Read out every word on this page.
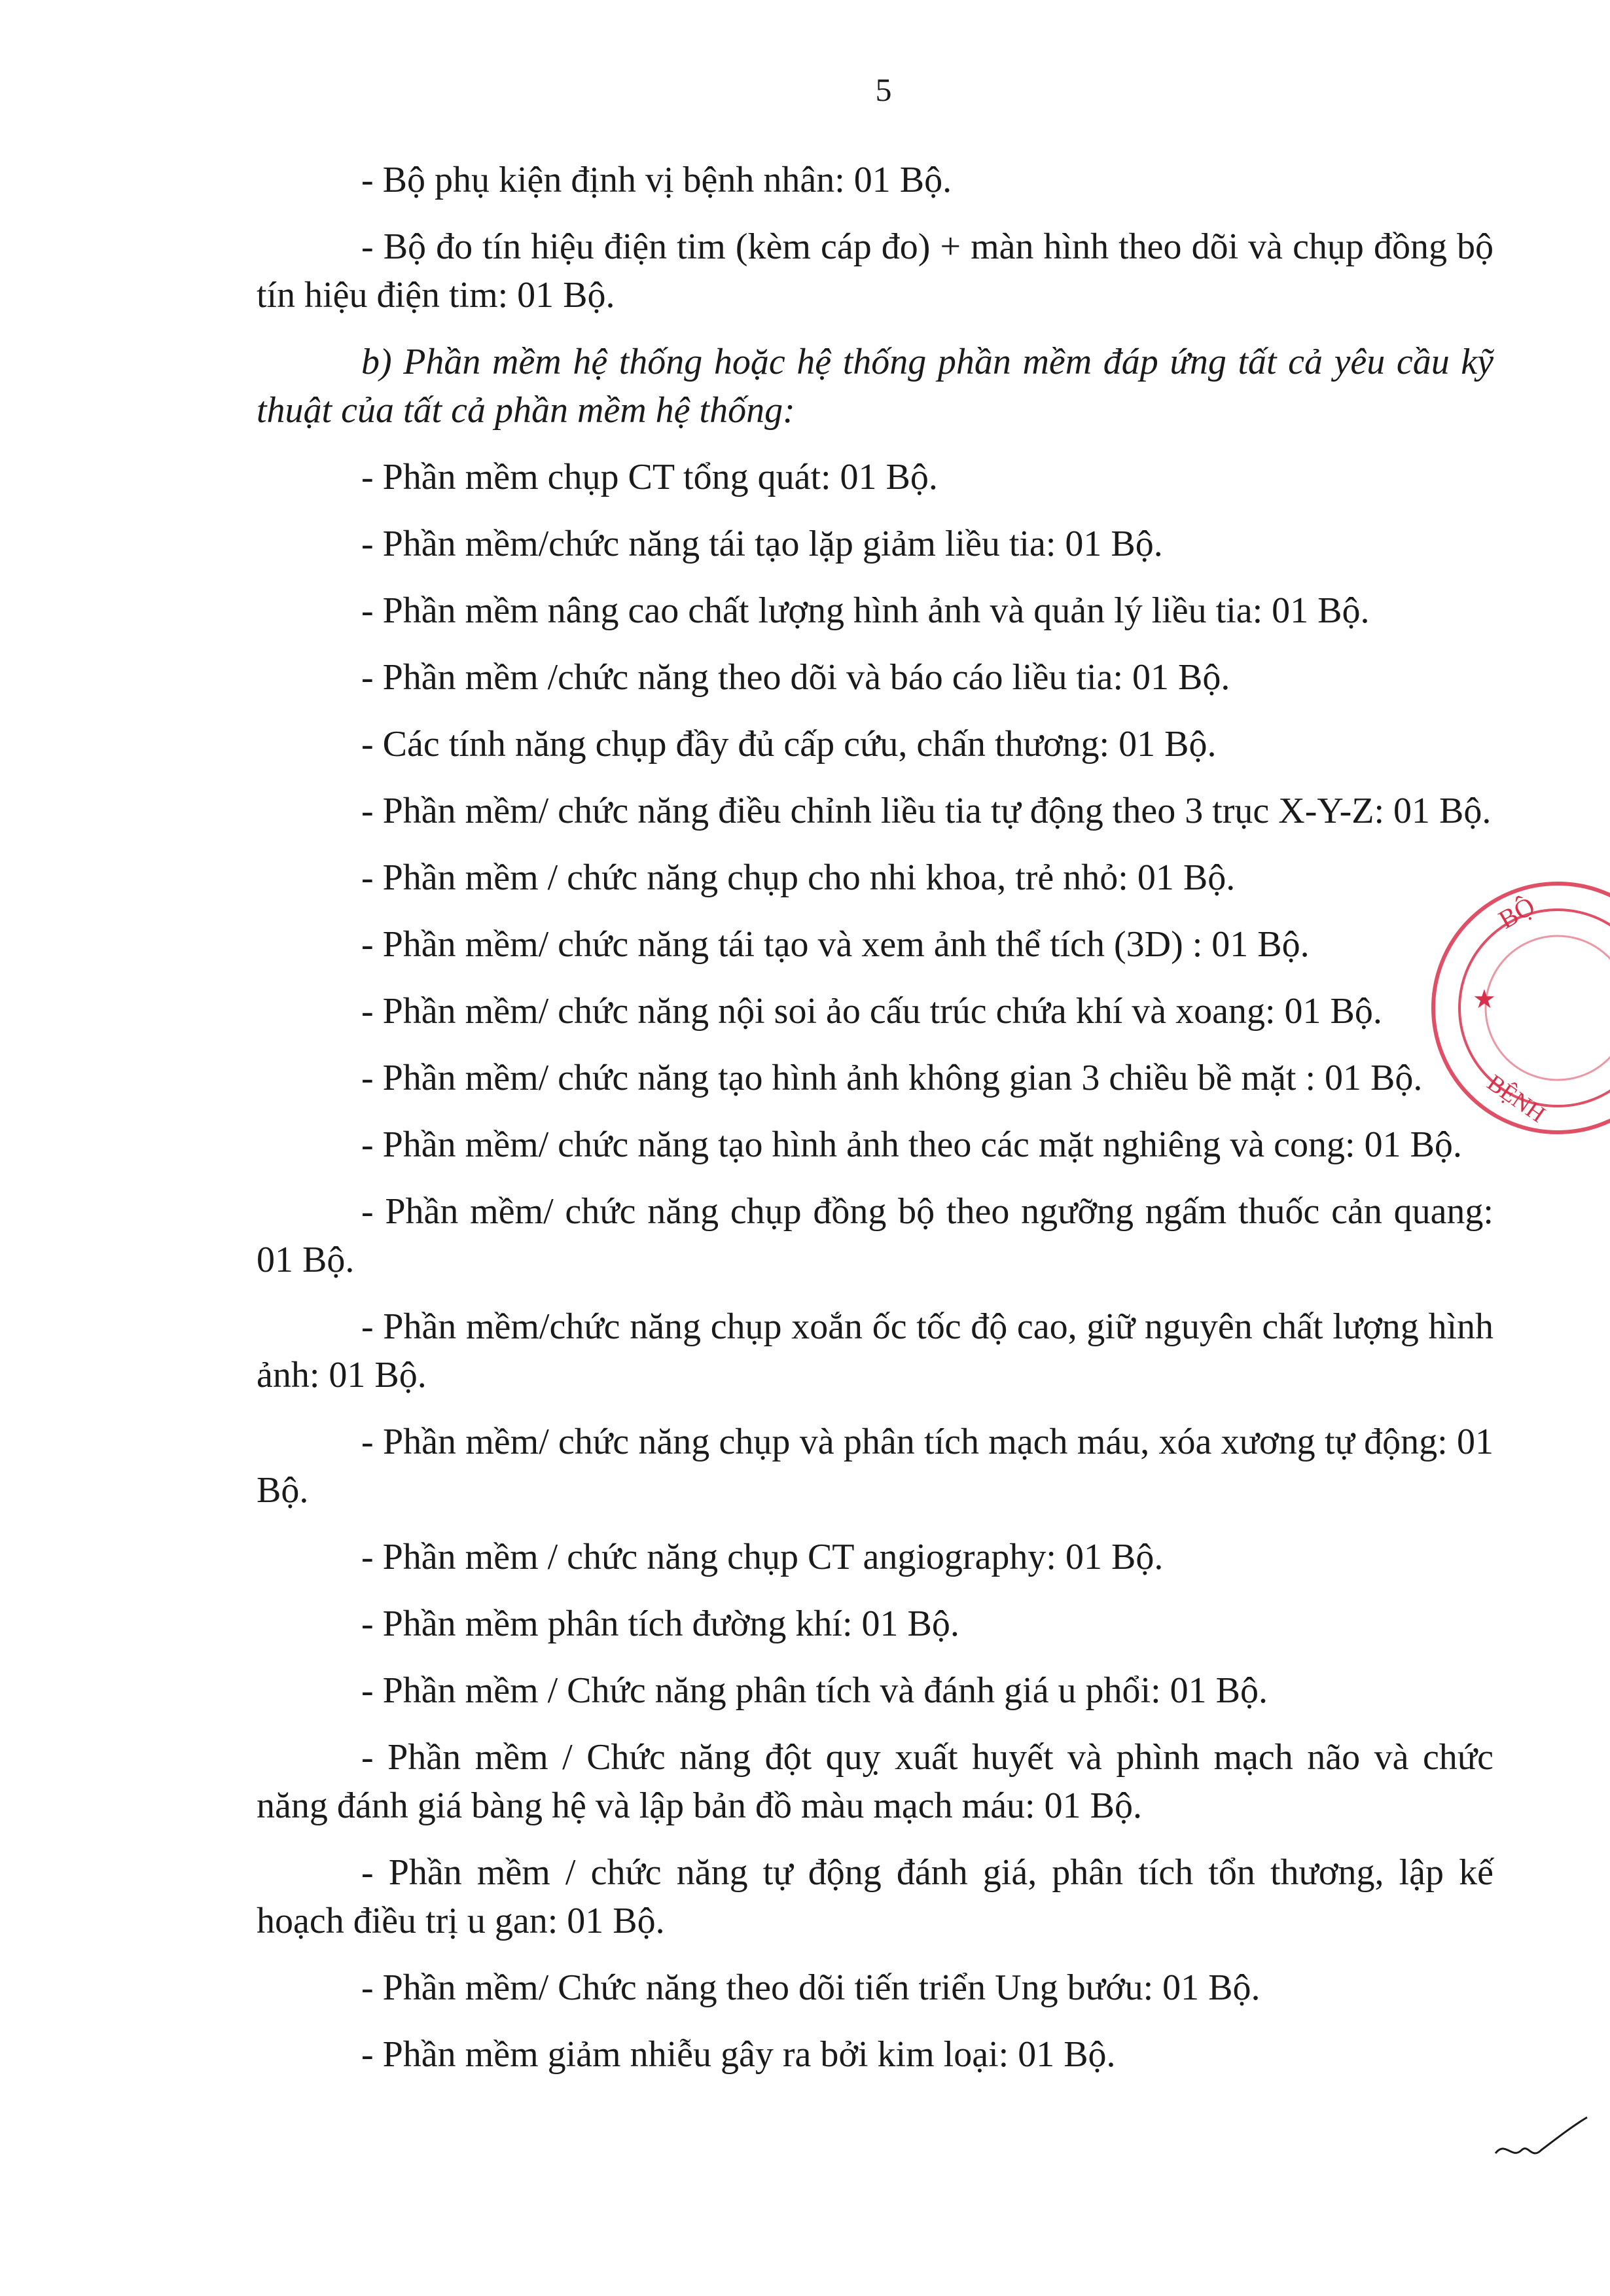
5

- Bộ phụ kiện định vị bệnh nhân: 01 Bộ.

- Bộ đo tín hiệu điện tim (kèm cáp đo) + màn hình theo dõi và chụp đồng bộ tín hiệu điện tim: 01 Bộ.

b) Phần mềm hệ thống hoặc hệ thống phần mềm đáp ứng tất cả yêu cầu kỹ thuật của tất cả phần mềm hệ thống:

- Phần mềm chụp CT tổng quát: 01 Bộ.

- Phần mềm/chức năng tái tạo lặp giảm liều tia: 01 Bộ.

- Phần mềm nâng cao chất lượng hình ảnh và quản lý liều tia: 01 Bộ.

- Phần mềm /chức năng theo dõi và báo cáo liều tia: 01 Bộ.

- Các tính năng chụp đầy đủ cấp cứu, chấn thương: 01 Bộ.

- Phần mềm/ chức năng điều chỉnh liều tia tự động theo 3 trục X-Y-Z: 01 Bộ.

- Phần mềm / chức năng chụp cho nhi khoa, trẻ nhỏ: 01 Bộ.

- Phần mềm/ chức năng tái tạo và xem ảnh thể tích (3D) : 01 Bộ.

- Phần mềm/ chức năng nội soi ảo cấu trúc chứa khí và xoang: 01 Bộ.

- Phần mềm/ chức năng tạo hình ảnh không gian 3 chiều bề mặt : 01 Bộ.

- Phần mềm/ chức năng tạo hình ảnh theo các mặt nghiêng và cong: 01 Bộ.

- Phần mềm/ chức năng chụp đồng bộ theo ngưỡng ngấm thuốc cản quang: 01 Bộ.

- Phần mềm/chức năng chụp xoắn ốc tốc độ cao, giữ nguyên chất lượng hình ảnh: 01 Bộ.

- Phần mềm/ chức năng chụp và phân tích mạch máu, xóa xương tự động: 01 Bộ.

- Phần mềm / chức năng chụp CT angiography: 01 Bộ.

- Phần mềm phân tích đường khí: 01 Bộ.

- Phần mềm / Chức năng phân tích và đánh giá u phổi: 01 Bộ.

- Phần mềm / Chức năng đột quỵ xuất huyết và phình mạch não và chức năng đánh giá bàng hệ và lập bản đồ màu mạch máu: 01 Bộ.

- Phần mềm / chức năng tự động đánh giá, phân tích tổn thương, lập kế hoạch điều trị u gan: 01 Bộ.

- Phần mềm/ Chức năng theo dõi tiến triển Ung bướu: 01 Bộ.

- Phần mềm giảm nhiễu gây ra bởi kim loại: 01 Bộ.

BỘ
★
BỆNH
